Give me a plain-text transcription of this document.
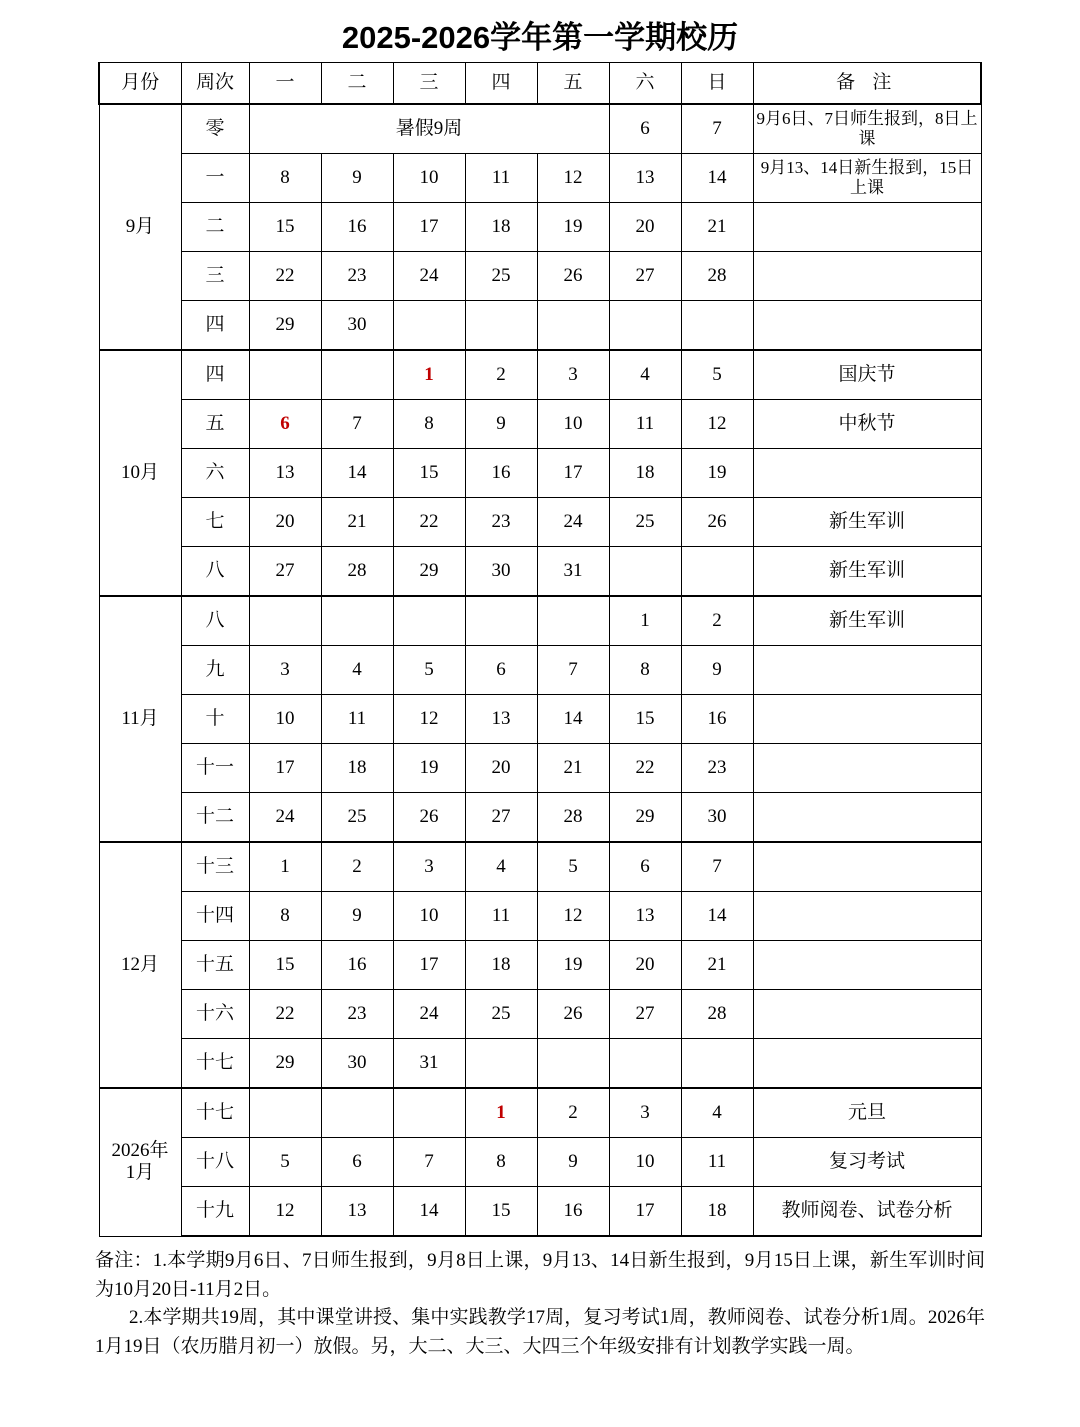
2025-2026学年第一学期校历
月份	周次	一	二	三	四	五	六	日	备 注
9月	零	暑假9周					6	7	9月6日、7日师生报到，8日上课
	一	8	9	10	11	12	13	14	9月13、14日新生报到，15日上课
	二	15	16	17	18	19	20	21	
	三	22	23	24	25	26	27	28	
	四	29	30						
10月	四			1	2	3	4	5	国庆节
	五	6	7	8	9	10	11	12	中秋节
	六	13	14	15	16	17	18	19	
	七	20	21	22	23	24	25	26	新生军训
	八	27	28	29	30	31			新生军训
11月	八						1	2	新生军训
	九	3	4	5	6	7	8	9	
	十	10	11	12	13	14	15	16	
	十一	17	18	19	20	21	22	23	
	十二	24	25	26	27	28	29	30	
12月	十三	1	2	3	4	5	6	7	
	十四	8	9	10	11	12	13	14	
	十五	15	16	17	18	19	20	21	
	十六	22	23	24	25	26	27	28	
	十七	29	30	31					
2026年
1月	十七				1	2	3	4	元旦
	十八	5	6	7	8	9	10	11	复习考试
	十九	12	13	14	15	16	17	18	教师阅卷、试卷分析

备注：1.本学期9月6日、7日师生报到，9月8日上课，9月13、14日新生报到，9月15日上课，新生军训时间为10月20日-11月2日。

2.本学期共19周，其中课堂讲授、集中实践教学17周，复习考试1周，教师阅卷、试卷分析1周。2026年1月19日（农历腊月初一）放假。另，大二、大三、大四三个年级安排有计划教学实践一周。
